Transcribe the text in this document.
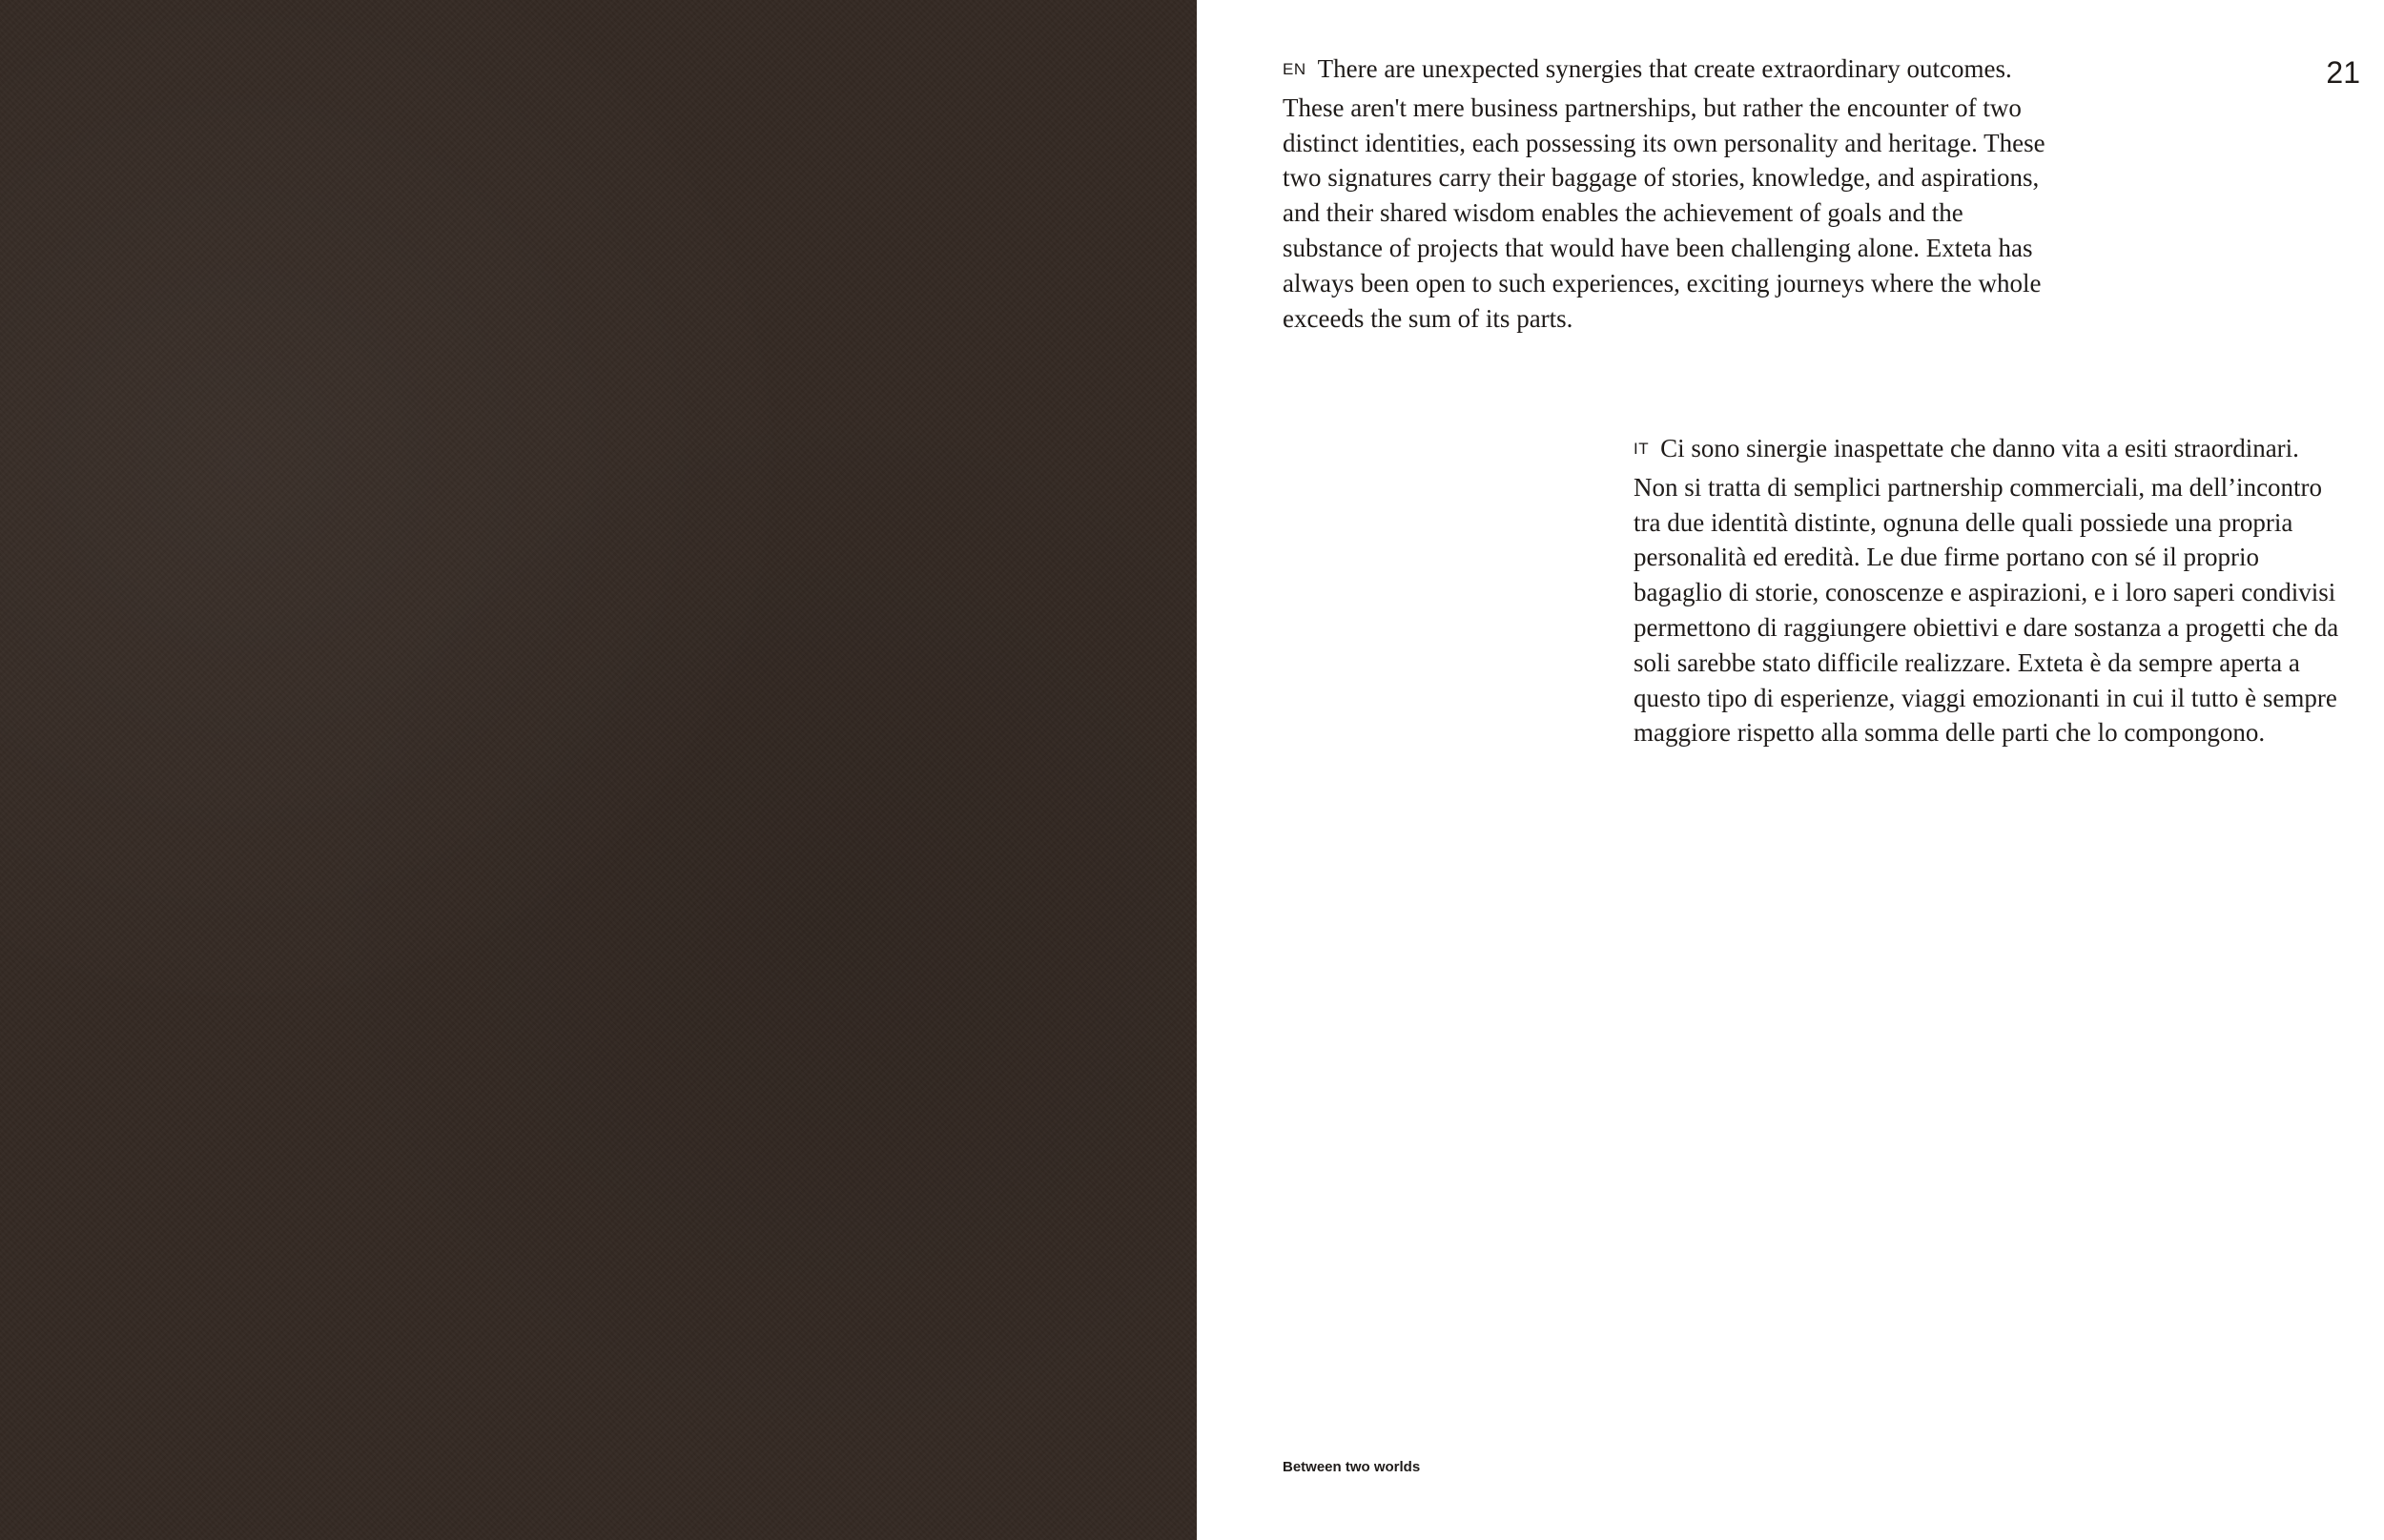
21
EN There are unexpected synergies that create extraordinary outcomes. These aren't mere business partnerships, but rather the encounter of two distinct identities, each possessing its own personality and heritage. These two signatures carry their baggage of stories, knowledge, and aspirations, and their shared wisdom enables the achievement of goals and the substance of projects that would have been challenging alone. Exteta has always been open to such experiences, exciting journeys where the whole exceeds the sum of its parts.
IT Ci sono sinergie inaspettate che danno vita a esiti straordinari. Non si tratta di semplici partnership commerciali, ma dell’incontro tra due identità distinte, ognuna delle quali possiede una propria personalità ed eredità. Le due firme portano con sé il proprio bagaglio di storie, conoscenze e aspirazioni, e i loro saperi condivisi permettono di raggiungere obiettivi e dare sostanza a progetti che da soli sarebbe stato difficile realizzare. Exteta è da sempre aperta a questo tipo di esperienze, viaggi emozionanti in cui il tutto è sempre maggiore rispetto alla somma delle parti che lo compongono.
Between two worlds
